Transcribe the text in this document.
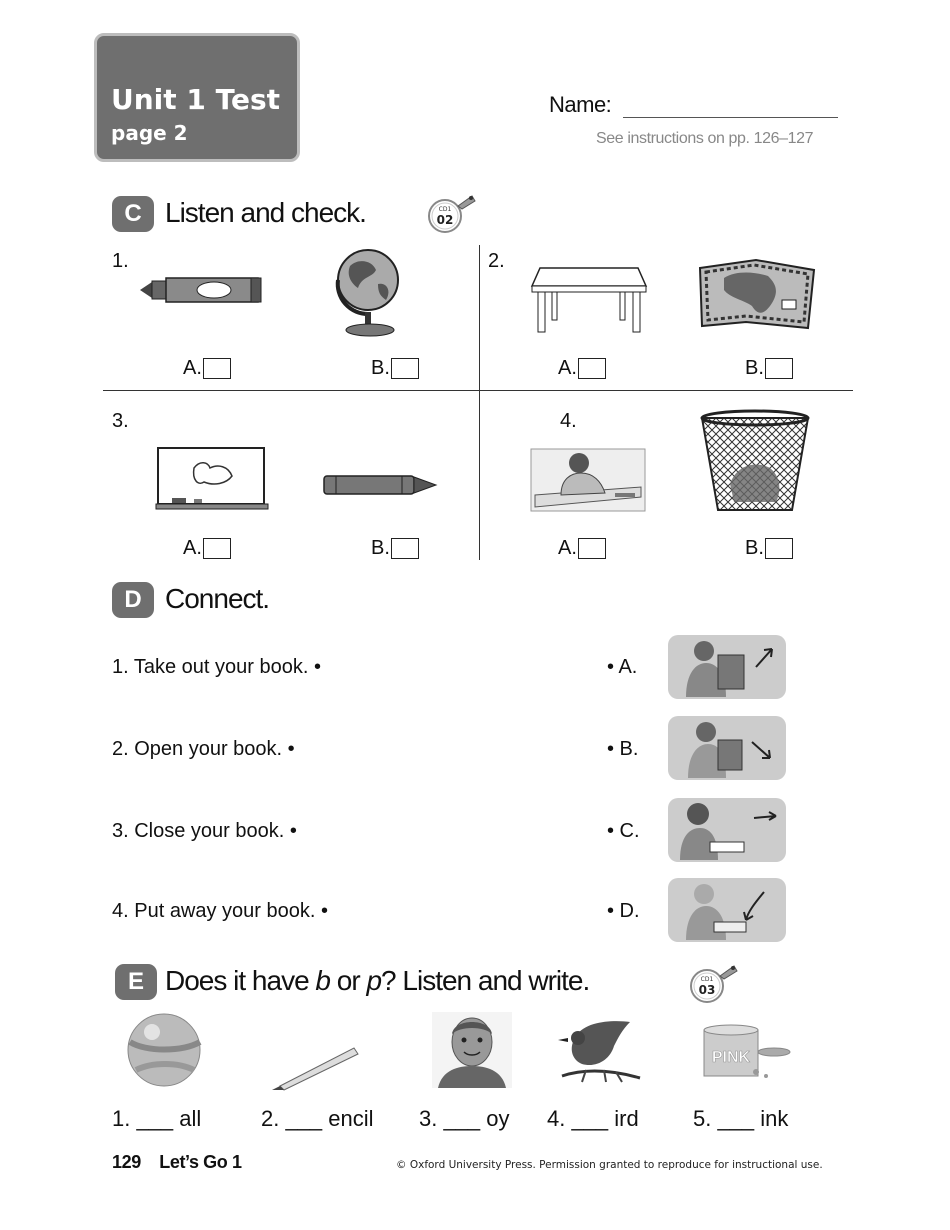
Unit 1 Test
page 2
Name:
See instructions on pp. 126–127
C Listen and check.	CD1
02
1.
A.	B.
2.
A.	B.
3.
A.	B.
4.
A.	B.
D Connect.
1. Take out your book. •
2. Open your book. •
3. Close your book. •
4. Put away your book. •
• A.
• B.
• C.
• D.
E Does it have b or p? Listen and write.	CD1
03
PINK
1. ___ all	2. ___ encil 3. ___ oy 4. ___ ird 5. ___ ink
129    Let’s Go 1	© Oxford University Press. Permission granted to reproduce for instructional use.
